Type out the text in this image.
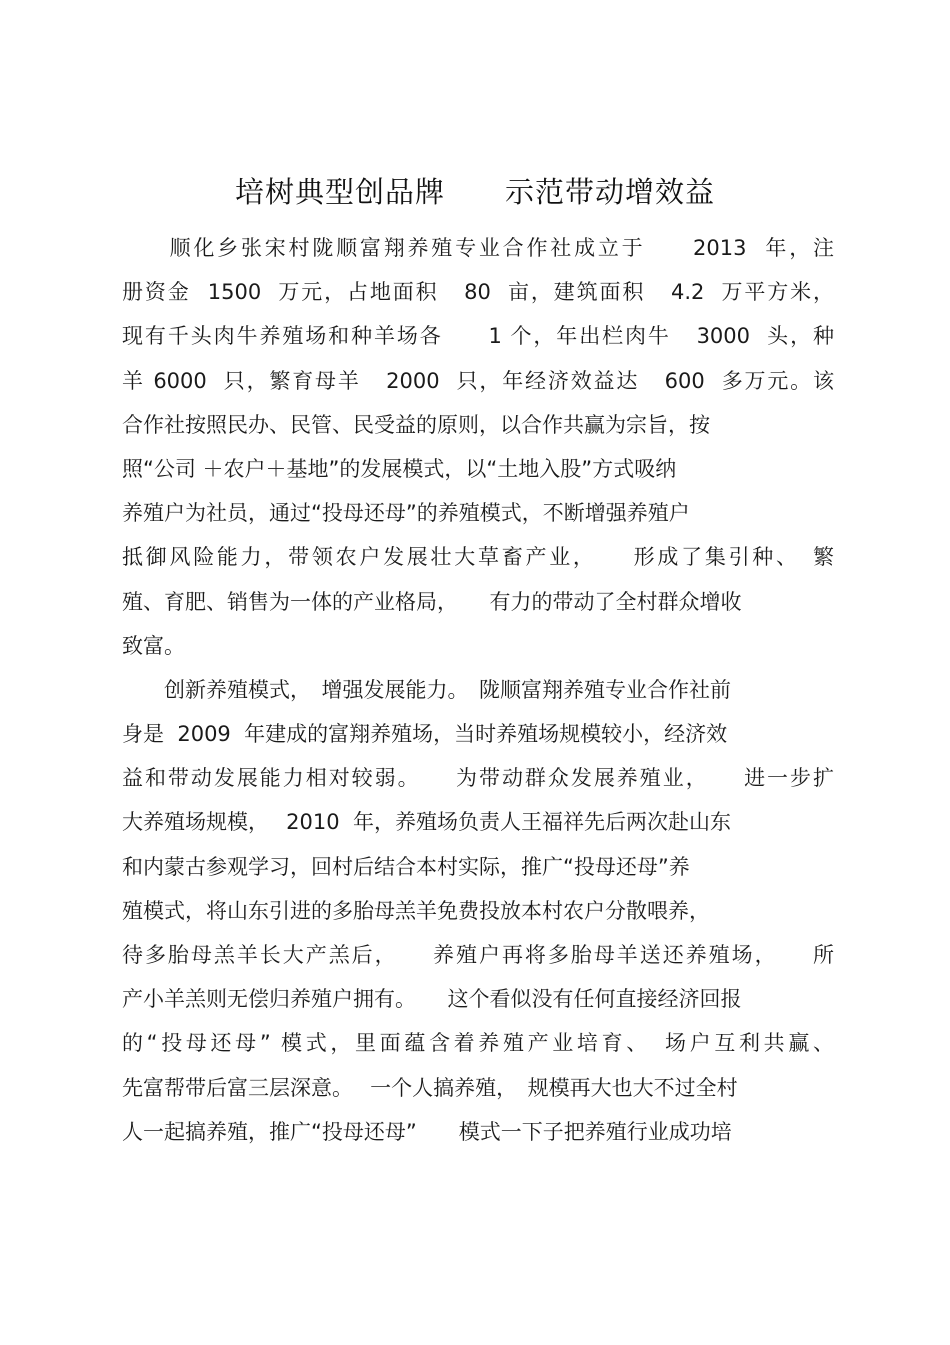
培树典型创品牌　　示范带动增效益
　　顺化乡张宋村陇顺富翔养殖专业合作社成立于　　2013  年，注
册资金  1500  万元，占地面积   80  亩，建筑面积   4.2  万平方米，
现有千头肉牛养殖场和种羊场各　　1 个，年出栏肉牛   3000  头，种
羊 6000  只，繁育母羊   2000  只，年经济效益达   600  多万元。该
合作社按照民办、民管、民受益的原则，以合作共赢为宗旨，按
照“公司 ＋农户＋基地”的发展模式，以“土地入股”方式吸纳
养殖户为社员，通过“投母还母”的养殖模式，不断增强养殖户
抵御风险能力，带领农户发展壮大草畜产业，　　形成了集引种、　繁
殖、育肥、销售为一体的产业格局，　　有力的带动了全村群众增收
致富。
　　创新养殖模式，　增强发展能力。　陇顺富翔养殖专业合作社前
身是  2009  年建成的富翔养殖场，当时养殖场规模较小，经济效
益和带动发展能力相对较弱。　　为带动群众发展养殖业，　　进一步扩
大养殖场规模，　 2010  年，养殖场负责人王福祥先后两次赴山东
和内蒙古参观学习，回村后结合本村实际，推广“投母还母”养
殖模式，将山东引进的多胎母羔羊免费投放本村农户分散喂养，
待多胎母羔羊长大产羔后，　　养殖户再将多胎母羊送还养殖场，　　所
产小羊羔则无偿归养殖户拥有。　　这个看似没有任何直接经济回报
的“投母还母” 模式，里面蕴含着养殖产业培育、　场户互利共赢、
先富帮带后富三层深意。　 一个人搞养殖，　规模再大也大不过全村
人一起搞养殖，推广“投母还母”　　模式一下子把养殖行业成功培
